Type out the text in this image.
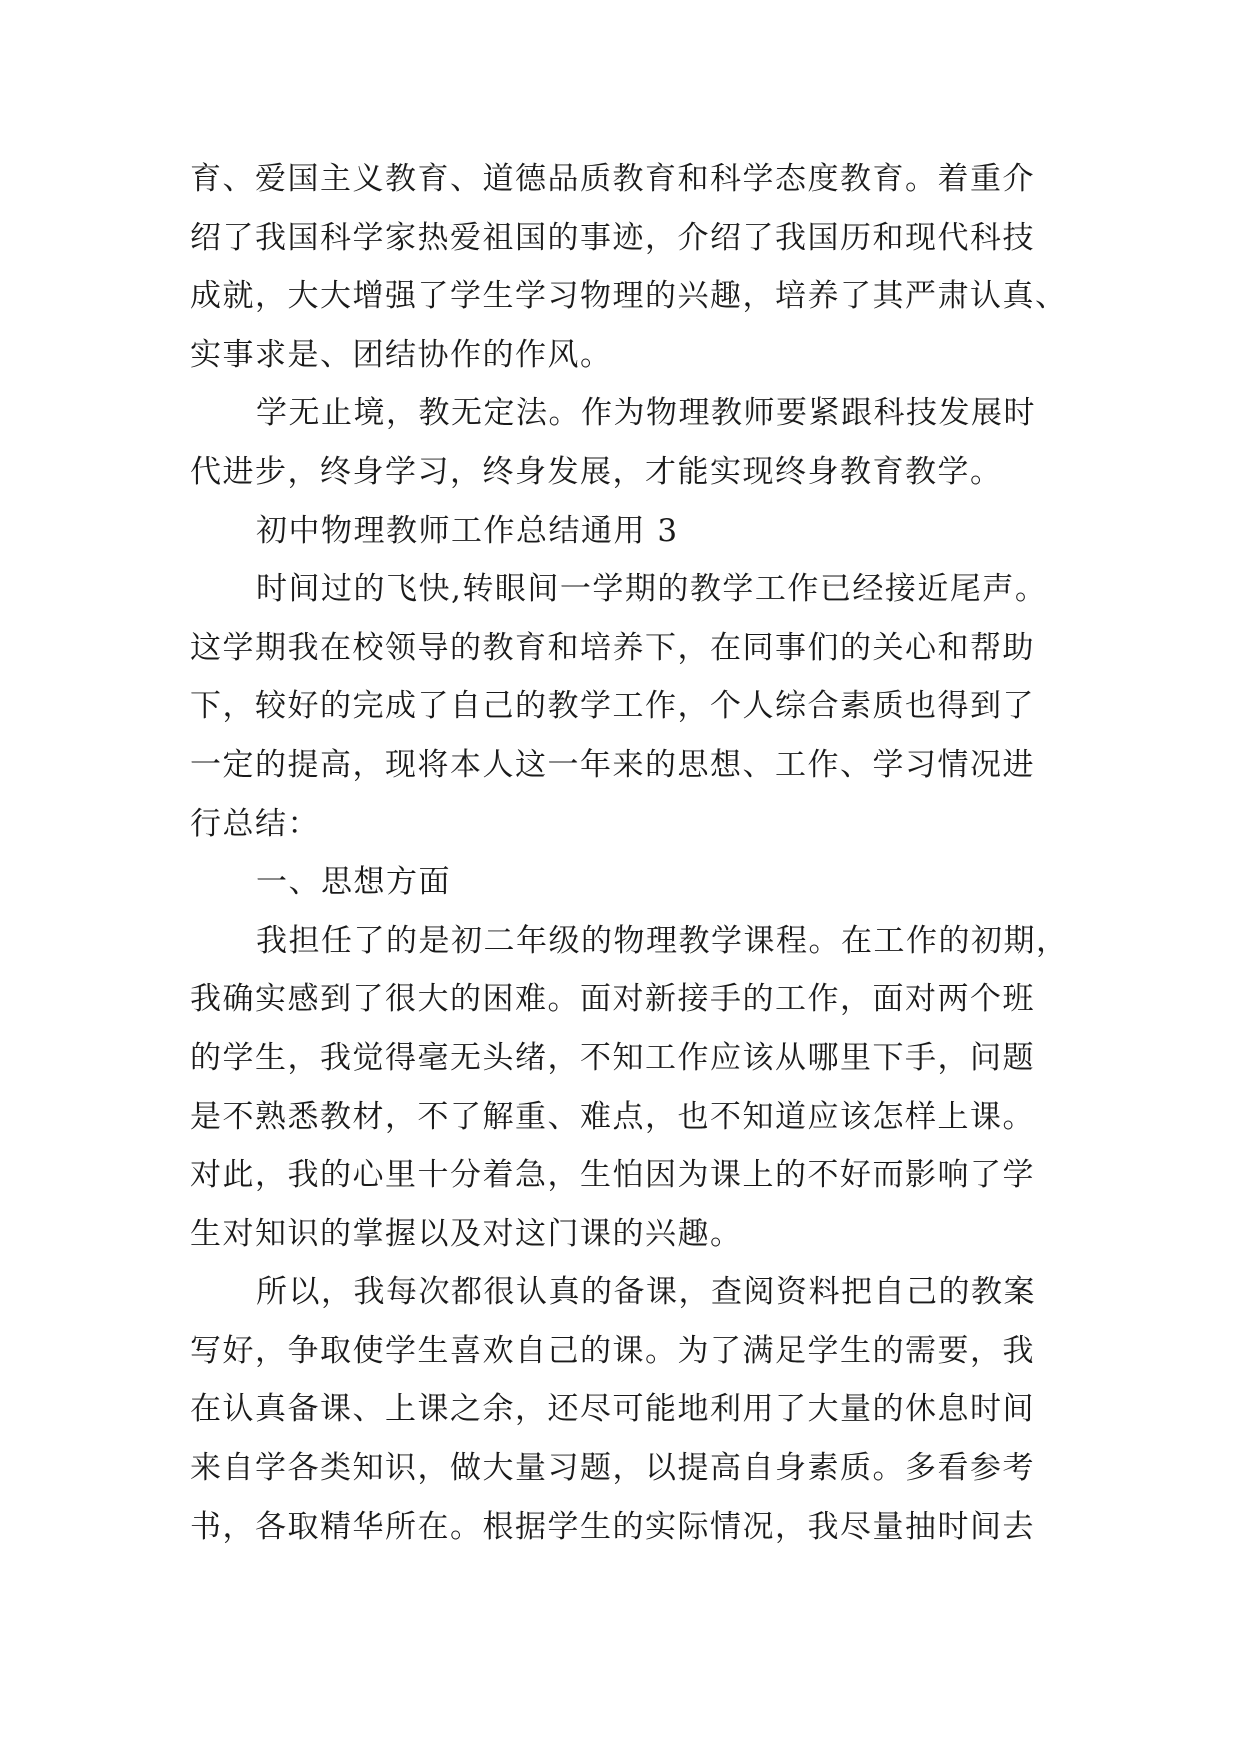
育、爱国主义教育、道德品质教育和科学态度教育。着重介
绍了我国科学家热爱祖国的事迹，介绍了我国历和现代科技
成就，大大增强了学生学习物理的兴趣，培养了其严肃认真、
实事求是、团结协作的作风。
学无止境，教无定法。作为物理教师要紧跟科技发展时
代进步，终身学习，终身发展，才能实现终身教育教学。
初中物理教师工作总结通用 3
时间过的飞快,转眼间一学期的教学工作已经接近尾声。
这学期我在校领导的教育和培养下，在同事们的关心和帮助
下，较好的完成了自己的教学工作，个人综合素质也得到了
一定的提高，现将本人这一年来的思想、工作、学习情况进
行总结：
一、思想方面
我担任了的是初二年级的物理教学课程。在工作的初期，
我确实感到了很大的困难。面对新接手的工作，面对两个班
的学生，我觉得毫无头绪，不知工作应该从哪里下手，问题
是不熟悉教材，不了解重、难点，也不知道应该怎样上课。
对此，我的心里十分着急，生怕因为课上的不好而影响了学
生对知识的掌握以及对这门课的兴趣。
所以，我每次都很认真的备课，查阅资料把自己的教案
写好，争取使学生喜欢自己的课。为了满足学生的需要，我
在认真备课、上课之余，还尽可能地利用了大量的休息时间
来自学各类知识，做大量习题，以提高自身素质。多看参考
书，各取精华所在。根据学生的实际情况，我尽量抽时间去
